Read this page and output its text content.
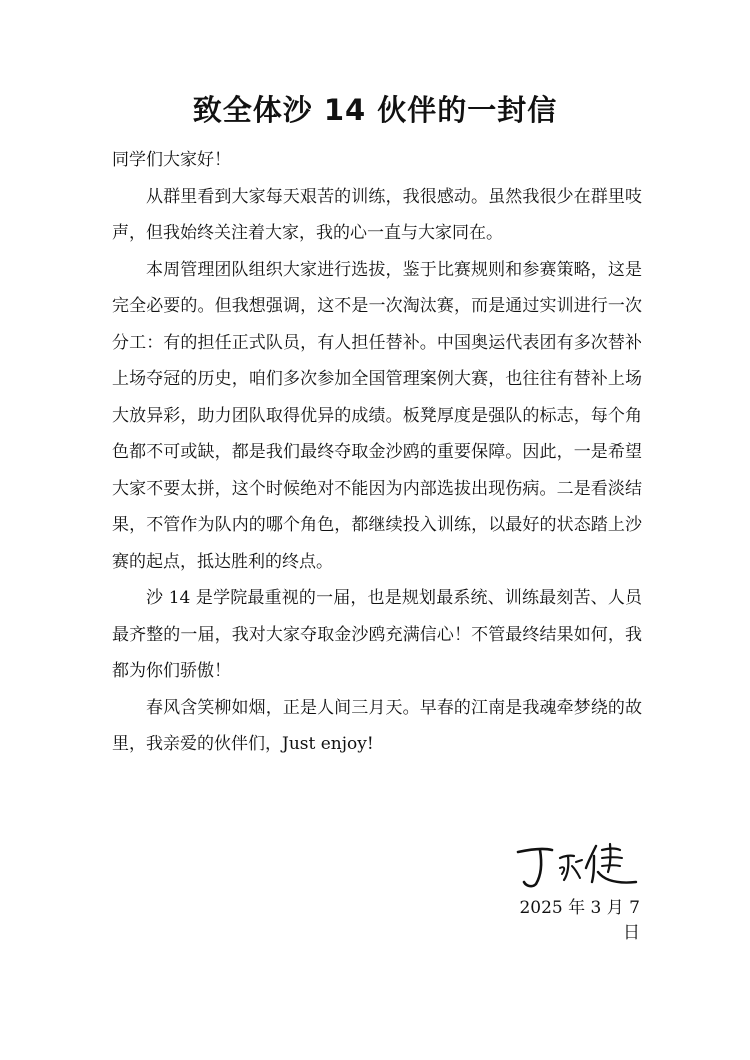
致全体沙 14 伙伴的一封信

同学们大家好！

从群里看到大家每天艰苦的训练，我很感动。虽然我很少在群里吱声，但我始终关注着大家，我的心一直与大家同在。

本周管理团队组织大家进行选拔，鉴于比赛规则和参赛策略，这是完全必要的。但我想强调，这不是一次淘汰赛，而是通过实训进行一次分工：有的担任正式队员，有人担任替补。中国奥运代表团有多次替补上场夺冠的历史，咱们多次参加全国管理案例大赛，也往往有替补上场大放异彩，助力团队取得优异的成绩。板凳厚度是强队的标志，每个角色都不可或缺，都是我们最终夺取金沙鸥的重要保障。因此，一是希望大家不要太拼，这个时候绝对不能因为内部选拔出现伤病。二是看淡结果，不管作为队内的哪个角色，都继续投入训练，以最好的状态踏上沙赛的起点，抵达胜利的终点。

沙 14 是学院最重视的一届，也是规划最系统、训练最刻苦、人员最齐整的一届，我对大家夺取金沙鸥充满信心！不管最终结果如何，我都为你们骄傲！

春风含笑柳如烟，正是人间三月天。早春的江南是我魂牵梦绕的故里，我亲爱的伙伴们，Just enjoy!

2025 年 3 月 7 日
